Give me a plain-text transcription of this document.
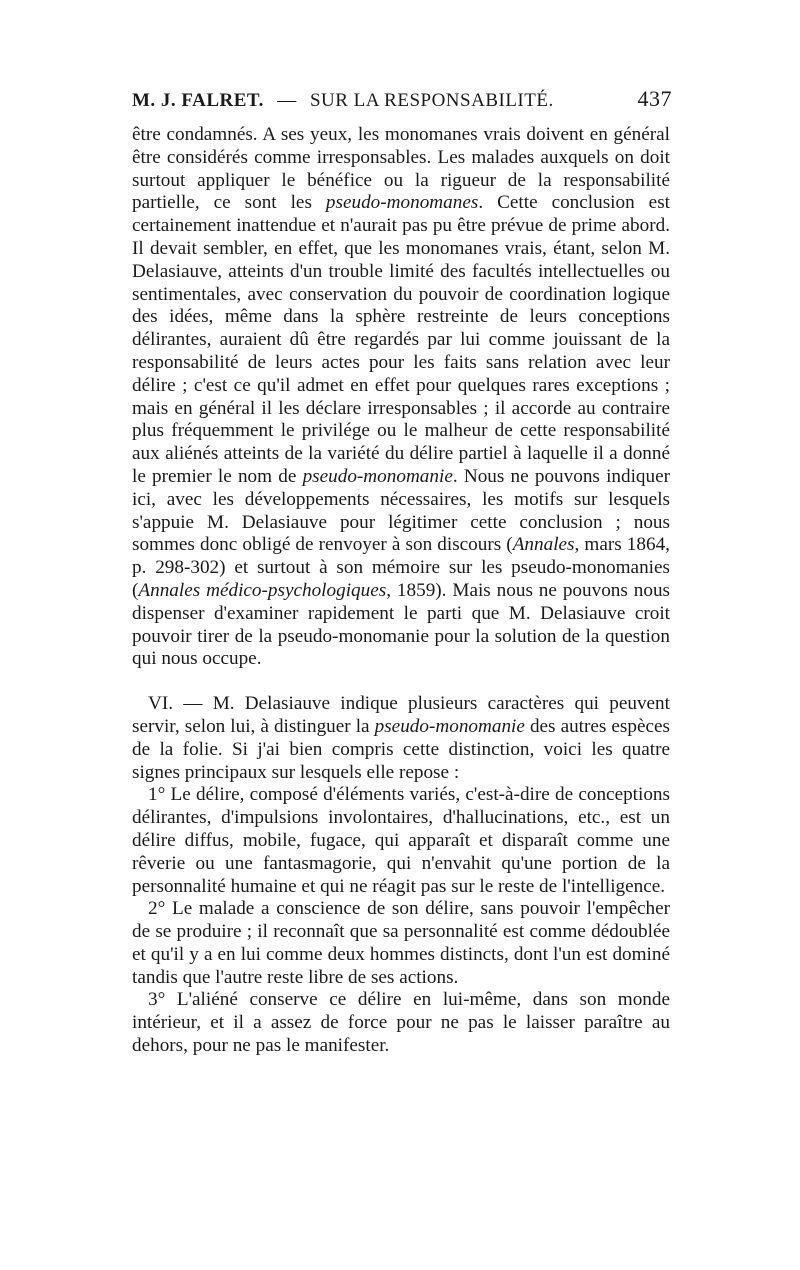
M. J. FALRET. — SUR LA RESPONSABILITÉ.	437

être condamnés. A ses yeux, les monomanes vrais doivent en général être considérés comme irresponsables. Les malades auxquels on doit surtout appliquer le bénéfice ou la rigueur de la responsabilité partielle, ce sont les pseudo-monomanes. Cette conclusion est certainement inattendue et n'aurait pas pu être prévue de prime abord. Il devait sembler, en effet, que les monomanes vrais, étant, selon M. Delasiauve, atteints d'un trouble limité des facultés intellectuelles ou sentimentales, avec conservation du pouvoir de coordination logique des idées, même dans la sphère restreinte de leurs conceptions délirantes, auraient dû être regardés par lui comme jouissant de la responsabilité de leurs actes pour les faits sans relation avec leur délire ; c'est ce qu'il admet en effet pour quelques rares exceptions ; mais en général il les déclare irresponsables ; il accorde au contraire plus fréquemment le privilége ou le malheur de cette responsabilité aux aliénés atteints de la variété du délire partiel à laquelle il a donné le premier le nom de pseudo-monomanie. Nous ne pouvons indiquer ici, avec les développements nécessaires, les motifs sur lesquels s'appuie M. Delasiauve pour légitimer cette conclusion ; nous sommes donc obligé de renvoyer à son discours (Annales, mars 1864, p. 298-302) et surtout à son mémoire sur les pseudo-monomanies (Annales médico-psychologiques, 1859). Mais nous ne pouvons nous dispenser d'examiner rapidement le parti que M. Delasiauve croit pouvoir tirer de la pseudo-monomanie pour la solution de la question qui nous occupe.

VI. — M. Delasiauve indique plusieurs caractères qui peuvent servir, selon lui, à distinguer la pseudo-monomanie des autres espèces de la folie. Si j'ai bien compris cette distinction, voici les quatre signes principaux sur lesquels elle repose :

1° Le délire, composé d'éléments variés, c'est-à-dire de conceptions délirantes, d'impulsions involontaires, d'hallucinations, etc., est un délire diffus, mobile, fugace, qui apparaît et disparaît comme une rêverie ou une fantasmagorie, qui n'envahit qu'une portion de la personnalité humaine et qui ne réagit pas sur le reste de l'intelligence.

2° Le malade a conscience de son délire, sans pouvoir l'empêcher de se produire ; il reconnaît que sa personnalité est comme dédoublée et qu'il y a en lui comme deux hommes distincts, dont l'un est dominé tandis que l'autre reste libre de ses actions.

3° L'aliéné conserve ce délire en lui-même, dans son monde intérieur, et il a assez de force pour ne pas le laisser paraître au dehors, pour ne pas le manifester.
